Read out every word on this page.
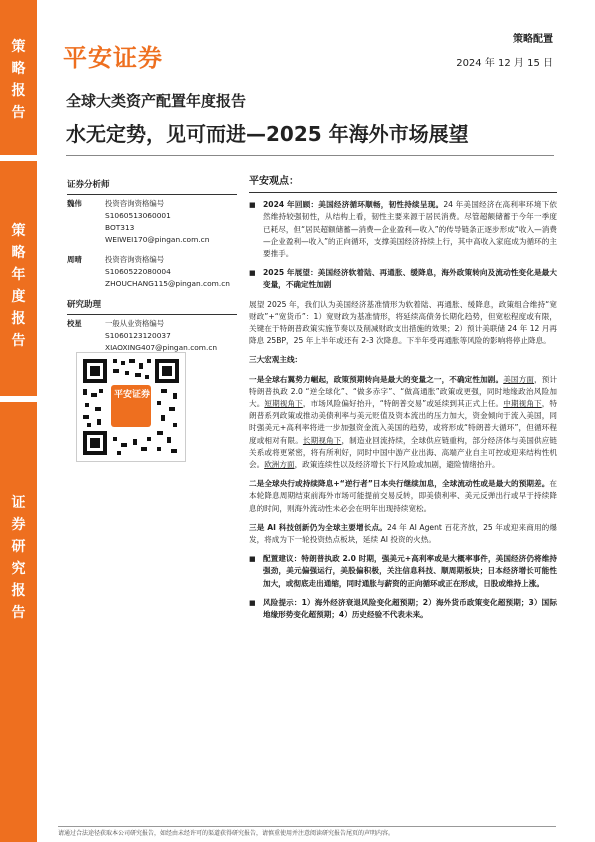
策
略
报
告
策
略
年
度
报
告
证
券
研
究
报
告
平安证券
策略配置
2024 年 12 月 15 日
全球大类资产配置年度报告
水无定势，见可而进—2025 年海外市场展望
证券分析师
魏伟	投资咨询资格编号
S1060513060001
BOT313
WEIWEI170@pingan.com.cn
周晴	投资咨询资格编号
S1060522080004
ZHOUCHANG115@pingan.com.cn
研究助理
校星	一般从业资格编号
S1060123120037
XIAOXING407@pingan.com.cn
平安证券
平安观点：
■ 2024 年回顾：美国经济循环顺畅，韧性持续呈现。24 年美国经济在高利率环境下依然维持较强韧性，从结构上看，韧性主要来源于居民消费。尽管超额储蓄于今年一季度已耗尽，但“居民超额储蓄—消费—企业盈利—收入”的传导链条正逐步形成“收入—消费—企业盈利—收入”的正向循环，支撑美国经济持续上行，其中高收入家庭成为循环的主要推手。
■ 2025 年展望：美国经济软着陆、再通胀、缓降息，海外政策转向及流动性变化是最大变量，不确定性加剧
展望 2025 年，我们认为美国经济基准情形为软着陆、再通胀、缓降息，政策组合维持“宽财政”+“宽货币”：1）宽财政为基准情形，将延续高债务长期化趋势，但宽松程度或有限，关键在于特朗普政策实施节奏以及削减财政支出措施的效果；2）预计美联储 24 年 12 月再降息 25BP，25 年上半年或还有 2-3 次降息。下半年受再通胀等风险的影响将停止降息。
三大宏观主线：
一是全球右翼势力崛起，政策预期转向是最大的变量之一，不确定性加剧。美国方面，预计特朗普执政 2.0 “逆全球化”、“做多赤字”、“做高通胀”政策或更强，同时地缘政治风险加大。短期视角下，市场风险偏好抬升，“特朗普交易”或延续到其正式上任。中期视角下，特朗普系列政策或推动美债利率与美元贬值及资本流出的压力加大，资金倾向于流入美国，同时强美元+高利率将进一步加强资金流入美国的趋势，或将形成“特朗普大循环”，但循环程度或相对有限。长期视角下，制造业回流持续，全球供应链重构，部分经济体与美国供应链关系或将更紧密，将有所利好，同时中国中游产业出海、高端产业自主可控或迎来结构性机会。欧洲方面，政策连续性以及经济增长下行风险或加剧，避险情绪抬升。
二是全球央行或持续降息+“逆行者”日本央行继续加息，全球流动性或是最大的预期差。在本轮降息周期结束前海外市场可能提前交易反转，即美债利率、美元反弹出行或早于持续降息的时间，则海外流动性未必会在明年出现持续宽松。
三是 AI 科技创新仍为全球主要增长点。24 年 AI Agent 百花齐放，25 年或迎来商用的爆发，将成为下一轮投资热点板块，延续 AI 投资的火热。
■ 配置建议：特朗普执政 2.0 时期，强美元+高利率或是大概率事件，美国经济仍将维持强劲，美元偏强运行，美股偏积极，关注信息科技、顺周期板块；日本经济增长可能性加大，或彻底走出通缩，同时通胀与薪资的正向循环或正在形成，日股或维持上涨。
■ 风险提示：1）海外经济衰退风险变化超预期；2）海外货币政策变化超预期；3）国际地缘形势变化超预期；4）历史经验不代表未来。
请通过合法途径获取本公司研究报告，如经由未经许可的渠道获得研究报告，请慎重使用并注意阅读研究报告尾页的声明内容。
